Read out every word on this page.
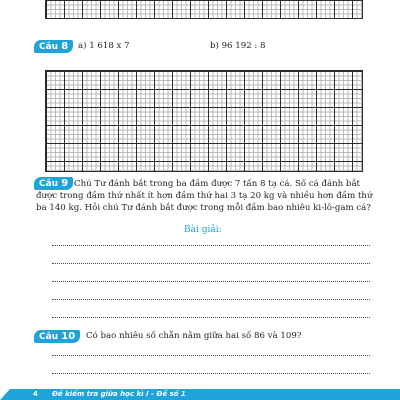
Câu 8	a) 1 618 x 7	b) 96 192 : 8
Câu 9 Chú Tư đánh bắt trong ba đầm được 7 tấn 8 tạ cá. Số cá đánh bắt được trong đầm thứ nhất ít hơn đầm thứ hai 3 tạ 20 kg và nhiều hơn đầm thứ ba 140 kg. Hỏi chú Tư đánh bắt được trong mỗi đầm bao nhiêu ki-lô-gam cá?
Bài giải:
Câu 10	Có bao nhiêu số chẵn nằm giữa hai số 86 và 109?
4 Đề kiểm tra giữa học kì I - Đề số 1
